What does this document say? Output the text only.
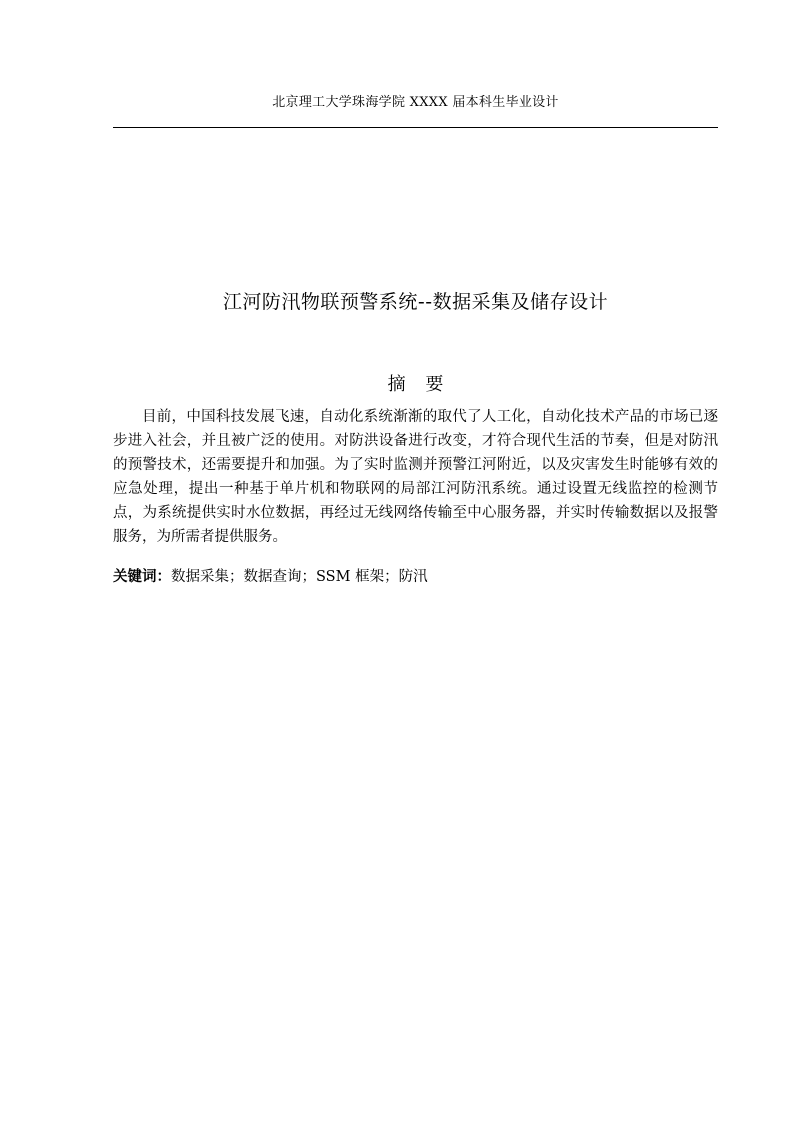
北京理工大学珠海学院 XXXX 届本科生毕业设计
江河防汛物联预警系统--数据采集及储存设计
摘 要

目前，中国科技发展飞速，自动化系统渐渐的取代了人工化，自动化技术产品的市场已逐步进入社会，并且被广泛的使用。对防洪设备进行改变，才符合现代生活的节奏，但是对防汛的预警技术，还需要提升和加强。为了实时监测并预警江河附近，以及灾害发生时能够有效的应急处理，提出一种基于单片机和物联网的局部江河防汛系统。通过设置无线监控的检测节点，为系统提供实时水位数据，再经过无线网络传输至中心服务器，并实时传输数据以及报警服务，为所需者提供服务。

关键词：数据采集；数据查询；SSM 框架；防汛
